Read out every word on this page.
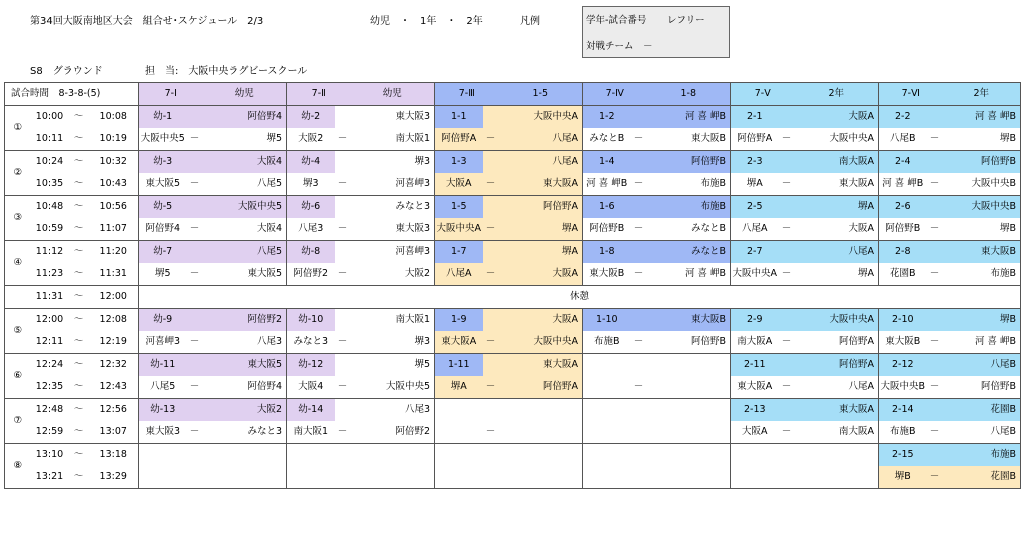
第34回大阪南地区大会　組合せ･スケジュール　2/3	幼児　・　1年　・　2年	凡例	学年-試合番号 レフリー
対戦チーム　－
S8　グラウンド	担　当:　大阪中央ラグビースクール
試合時間　8-3-8-(5)				7-Ⅰ		幼児	7-Ⅱ		幼児	7-Ⅲ		1-5	7-Ⅳ		1-8	7-Ⅴ		2年	7-Ⅵ		2年
①	10:00	～	10:08	幼-1		阿倍野4	幼-2		東大阪3	1-1		大阪中央A	1-2		河 喜 岬B	2-1		大阪A	2-2		河 喜 岬B
	10:11	～	10:19	大阪中央5	－	堺5	大阪2	－	南大阪1	阿倍野A	－	八尾A	みなとB	－	東大阪B	阿倍野A	－	大阪中央A	八尾B	－	堺B
②	10:24	～	10:32	幼-3		大阪4	幼-4		堺3	1-3		八尾A	1-4		阿倍野B	2-3		南大阪A	2-4		阿倍野B
	10:35	～	10:43	東大阪5	－	八尾5	堺3	－	河喜岬3	大阪A	－	東大阪A	河 喜 岬B	－	布施B	堺A	－	東大阪A	河 喜 岬B	－	大阪中央B
③	10:48	～	10:56	幼-5		大阪中央5	幼-6		みなと3	1-5		阿倍野A	1-6		布施B	2-5		堺A	2-6		大阪中央B
	10:59	～	11:07	阿倍野4	－	大阪4	八尾3	－	東大阪3	大阪中央A	－	堺A	阿倍野B	－	みなとB	八尾A	－	大阪A	阿倍野B	－	堺B
④	11:12	～	11:20	幼-7		八尾5	幼-8		河喜岬3	1-7		堺A	1-8		みなとB	2-7		八尾A	2-8		東大阪B
	11:23	～	11:31	堺5	－	東大阪5	阿倍野2	－	大阪2	八尾A	－	大阪A	東大阪B	－	河 喜 岬B	大阪中央A	－	堺A	花園B	－	布施B
	11:31	～	12:00	休憩																	
⑤	12:00	～	12:08	幼-9		阿倍野2	幼-10		南大阪1	1-9		大阪A	1-10		東大阪B	2-9		大阪中央A	2-10		堺B
	12:11	～	12:19	河喜岬3	－	八尾3	みなと3	－	堺3	東大阪A	－	大阪中央A	布施B	－	阿倍野B	南大阪A	－	阿倍野A	東大阪B	－	河 喜 岬B
⑥	12:24	～	12:32	幼-11		東大阪5	幼-12		堺5	1-11		東大阪A				2-11		阿倍野A	2-12		八尾B
	12:35	～	12:43	八尾5	－	阿倍野4	大阪4	－	大阪中央5	堺A	－	阿倍野A		－		東大阪A	－	八尾A	大阪中央B	－	阿倍野B
⑦	12:48	～	12:56	幼-13		大阪2	幼-14		八尾3							2-13		東大阪A	2-14		花園B
	12:59	～	13:07	東大阪3	－	みなと3	南大阪1	－	阿倍野2		－					大阪A	－	南大阪A	布施B	－	八尾B
⑧	13:10	～	13:18																2-15		布施B
	13:21	～	13:29																堺B	－	花園B
